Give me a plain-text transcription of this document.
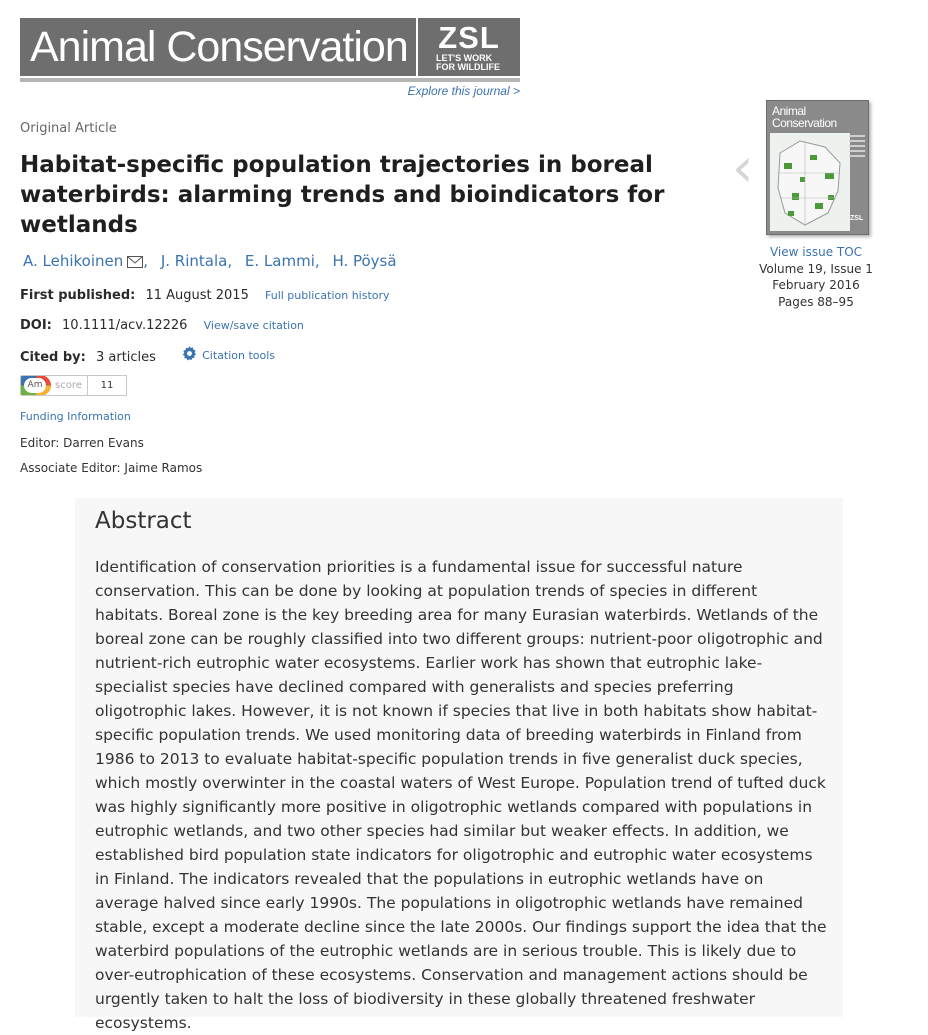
Animal Conservation ZSL
LET'S WORK FOR WILDLIFE
Explore this journal >
Original Article
Habitat-specific population trajectories in boreal waterbirds: alarming trends and bioindicators for wetlands
A. Lehikoinen , J. Rintala, E. Lammi, H. Pöysä
First published: 11 August 2015 Full publication history
DOI: 10.1111/acv.12226 View/save citation
Cited by: 3 articles	Citation tools
Am	score	11
Funding Information
Editor: Darren Evans
Associate Editor: Jaime Ramos
‹
Animal Conservation
ZSL
View issue TOC
Volume 19, Issue 1
February 2016
Pages 88–95
Abstract

Identification of conservation priorities is a fundamental issue for successful nature conservation. This can be done by looking at population trends of species in different habitats. Boreal zone is the key breeding area for many Eurasian waterbirds. Wetlands of the boreal zone can be roughly classified into two different groups: nutrient-poor oligotrophic and nutrient-rich eutrophic water ecosystems. Earlier work has shown that eutrophic lake-specialist species have declined compared with generalists and species preferring oligotrophic lakes. However, it is not known if species that live in both habitats show habitat-specific population trends. We used monitoring data of breeding waterbirds in Finland from 1986 to 2013 to evaluate habitat-specific population trends in five generalist duck species, which mostly overwinter in the coastal waters of West Europe. Population trend of tufted duck was highly significantly more positive in oligotrophic wetlands compared with populations in eutrophic wetlands, and two other species had similar but weaker effects. In addition, we established bird population state indicators for oligotrophic and eutrophic water ecosystems in Finland. The indicators revealed that the populations in eutrophic wetlands have on average halved since early 1990s. The populations in oligotrophic wetlands have remained stable, except a moderate decline since the late 2000s. Our findings support the idea that the waterbird populations of the eutrophic wetlands are in serious trouble. This is likely due to over-eutrophication of these ecosystems. Conservation and management actions should be urgently taken to halt the loss of biodiversity in these globally threatened freshwater ecosystems.
